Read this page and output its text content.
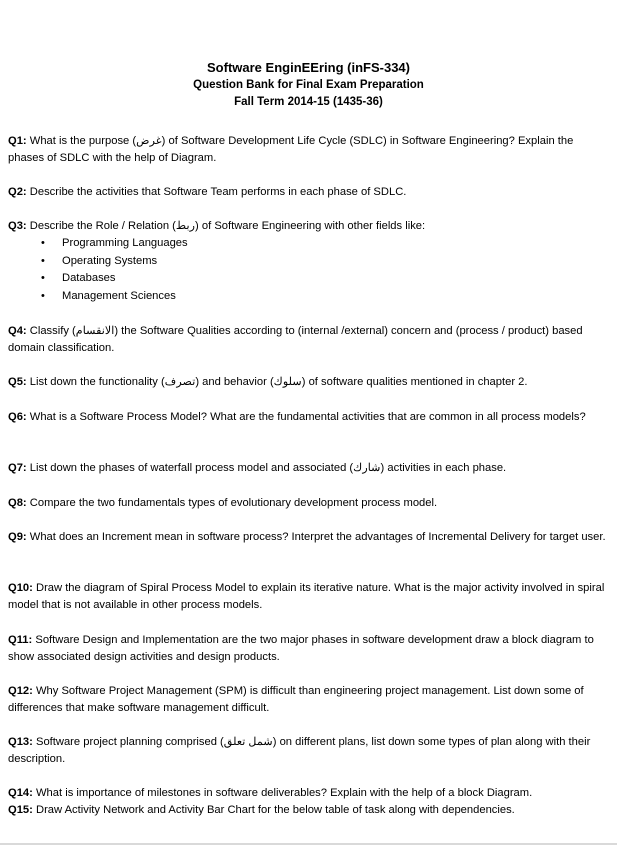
Software EnginEEring (inFS-334)
Question Bank for Final Exam Preparation
Fall Term 2014-15 (1435-36)
Q1: What is the purpose (غرض) of Software Development Life Cycle (SDLC) in Software Engineering? Explain the phases of SDLC with the help of Diagram.
Q2: Describe the activities that Software Team performs in each phase of SDLC.
Q3: Describe the Role / Relation (ربط) of Software Engineering with other fields like:
• Programming Languages
• Operating Systems
• Databases
• Management Sciences
Q4: Classify (الانقسام) the Software Qualities according to (internal /external) concern and (process / product) based domain classification.
Q5: List down the functionality (تصرف) and behavior (سلوك) of software qualities mentioned in chapter 2.
Q6: What is a Software Process Model? What are the fundamental activities that are common in all process models?
Q7: List down the phases of waterfall process model and associated (شارك) activities in each phase.
Q8: Compare the two fundamentals types of evolutionary development process model.
Q9: What does an Increment mean in software process? Interpret the advantages of Incremental Delivery for target user.
Q10: Draw the diagram of Spiral Process Model to explain its iterative nature. What is the major activity involved in spiral model that is not available in other process models.
Q11: Software Design and Implementation are the two major phases in software development draw a block diagram to show associated design activities and design products.
Q12: Why Software Project Management (SPM) is difficult than engineering project management. List down some of differences that make software management difficult.
Q13: Software project planning comprised (شمل تعلق) on different plans, list down some types of plan along with their description.
Q14: What is importance of milestones in software deliverables? Explain with the help of a block Diagram.
Q15: Draw Activity Network and Activity Bar Chart for the below table of task along with dependencies.
